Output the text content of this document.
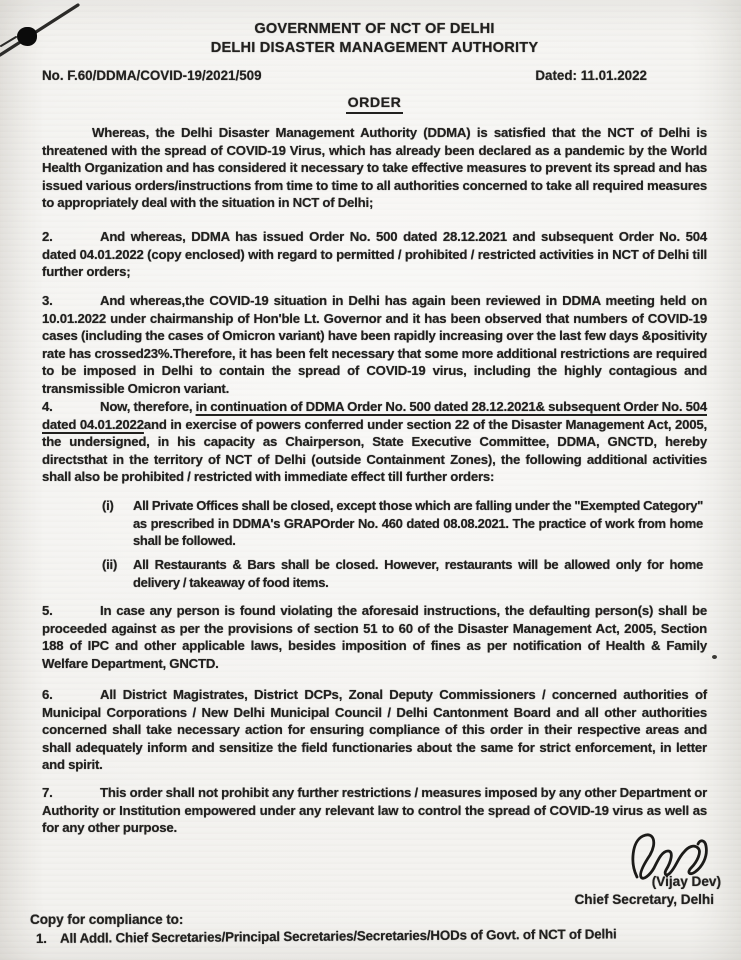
GOVERNMENT OF NCT OF DELHI
DELHI DISASTER MANAGEMENT AUTHORITY
No. F.60/DDMA/COVID-19/2021/509	Dated: 11.01.2022
ORDER

Whereas, the Delhi Disaster Management Authority (DDMA) is satisfied that the NCT of Delhi is threatened with the spread of COVID-19 Virus, which has already been declared as a pandemic by the World Health Organization and has considered it necessary to take effective measures to prevent its spread and has issued various orders/instructions from time to time to all authorities concerned to take all required measures to appropriately deal with the situation in NCT of Delhi;

2.	And whereas, DDMA has issued Order No. 500 dated 28.12.2021 and subsequent Order No. 504 dated 04.01.2022 (copy enclosed) with regard to permitted / prohibited / restricted activities in NCT of Delhi till further orders;

3.	And whereas,the COVID-19 situation in Delhi has again been reviewed in DDMA meeting held on 10.01.2022 under chairmanship of Hon'ble Lt. Governor and it has been observed that numbers of COVID-19 cases (including the cases of Omicron variant) have been rapidly increasing over the last few days &positivity rate has crossed23%.Therefore, it has been felt necessary that some more additional restrictions are required to be imposed in Delhi to contain the spread of COVID-19 virus, including the highly contagious and transmissible Omicron variant.

4.	Now, therefore, in continuation of DDMA Order No. 500 dated 28.12.2021& subsequent Order No. 504 dated 04.01.2022and in exercise of powers conferred under section 22 of the Disaster Management Act, 2005, the undersigned, in his capacity as Chairperson, State Executive Committee, DDMA, GNCTD, hereby directsthat in the territory of NCT of Delhi (outside Containment Zones), the following additional activities shall also be prohibited / restricted with immediate effect till further orders:

(i)	All Private Offices shall be closed, except those which are falling under the "Exempted Category" as prescribed in DDMA's GRAPOrder No. 460 dated 08.08.2021. The practice of work from home shall be followed.
(ii)	All Restaurants & Bars shall be closed. However, restaurants will be allowed only for home delivery / takeaway of food items.

5.	In case any person is found violating the aforesaid instructions, the defaulting person(s) shall be proceeded against as per the provisions of section 51 to 60 of the Disaster Management Act, 2005, Section 188 of IPC and other applicable laws, besides imposition of fines as per notification of Health & Family Welfare Department, GNCTD.

6.	All District Magistrates, District DCPs, Zonal Deputy Commissioners / concerned authorities of Municipal Corporations / New Delhi Municipal Council / Delhi Cantonment Board and all other authorities concerned shall take necessary action for ensuring compliance of this order in their respective areas and shall adequately inform and sensitize the field functionaries about the same for strict enforcement, in letter and spirit.

7.	This order shall not prohibit any further restrictions / measures imposed by any other Department or Authority or Institution empowered under any relevant law to control the spread of COVID-19 virus as well as for any other purpose.

(Vijay Dev)
Chief Secretary, Delhi
Copy for compliance to:
1. All Addl. Chief Secretaries/Principal Secretaries/Secretaries/HODs of Govt. of NCT of Delhi
